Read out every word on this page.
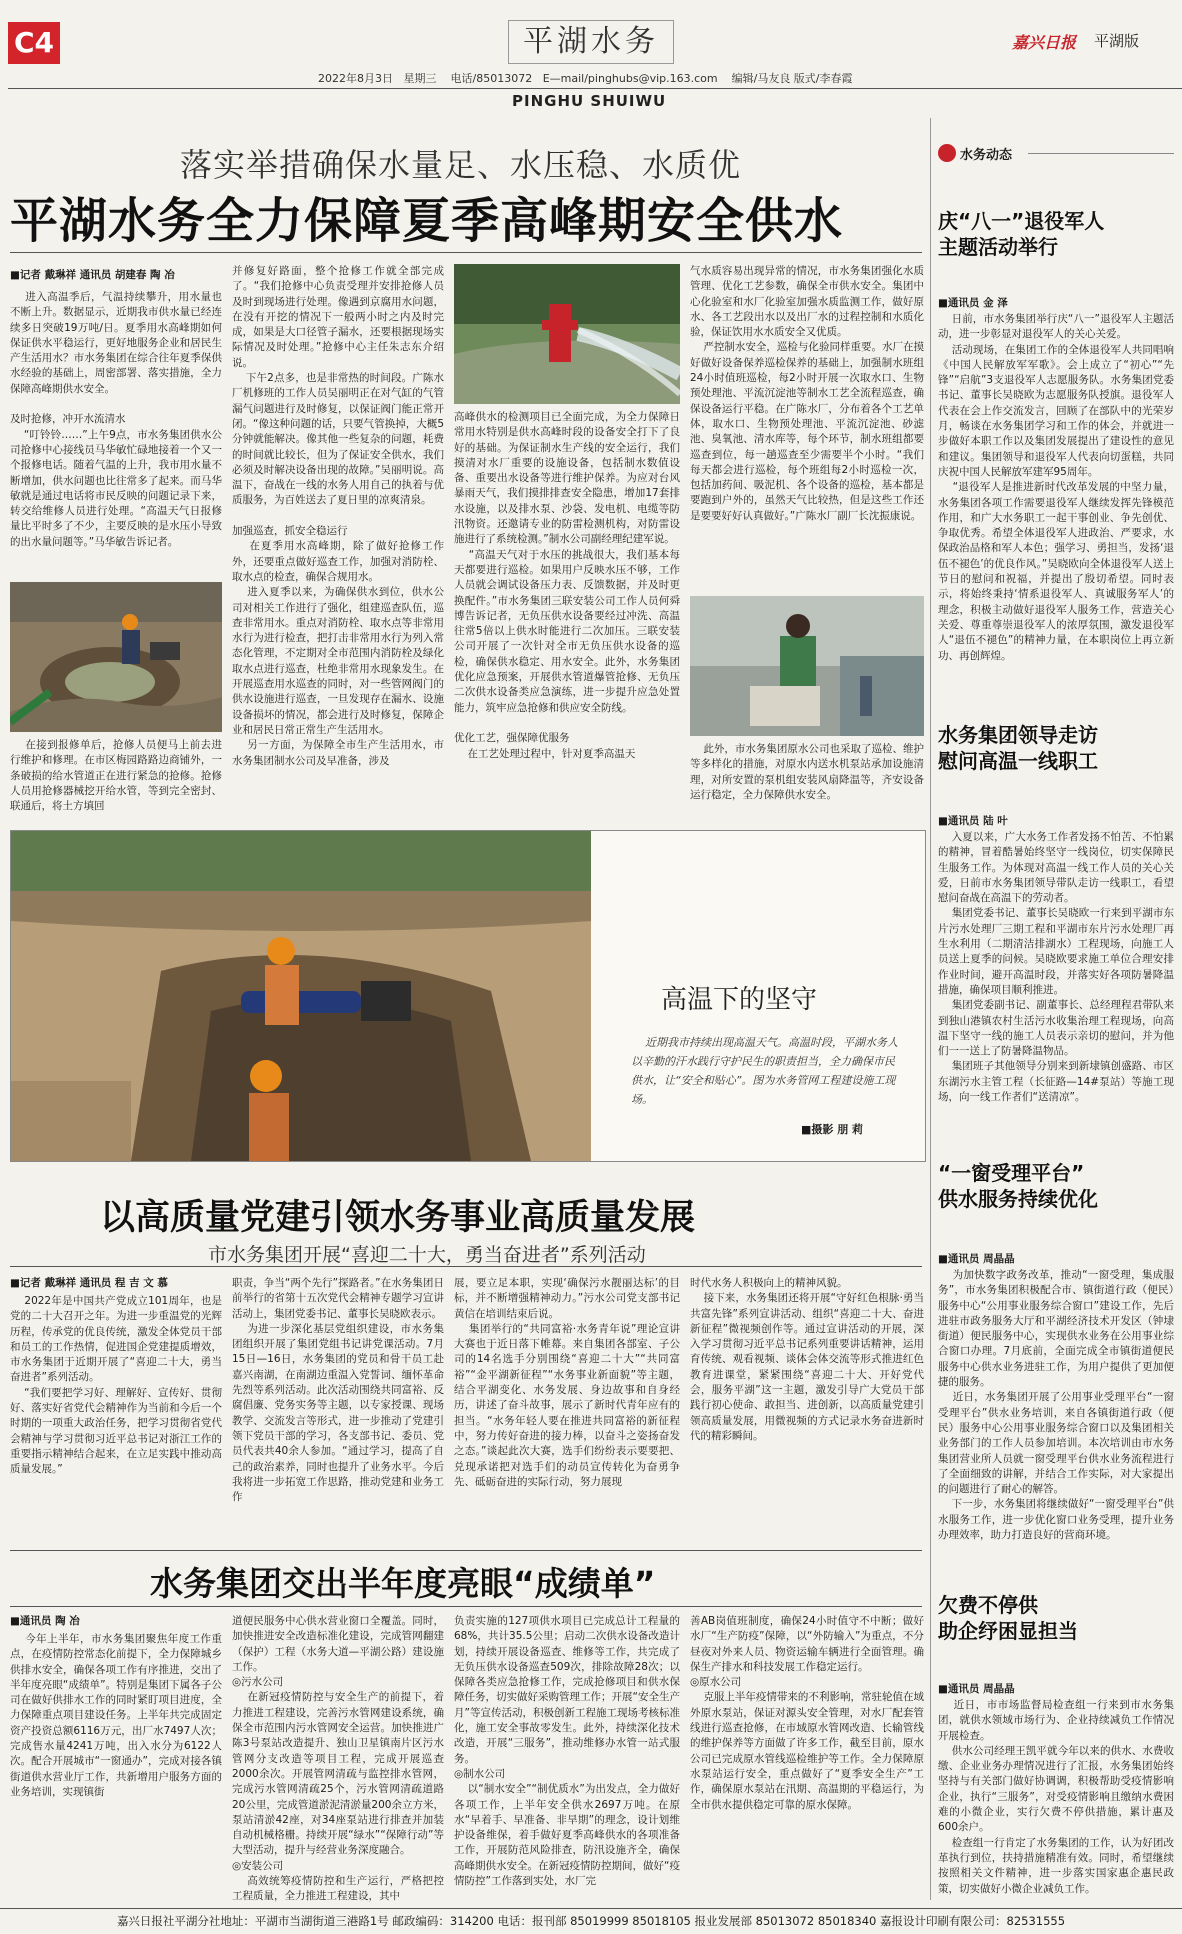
C4	平湖水务	嘉兴日报 平湖版
2022年8月3日 星期三 电话/85013072 E—mail/pinghubs@vip.163.com 编辑/马友良 版式/李春霞
PINGHU SHUIWU
落实举措确保水量足、水压稳、水质优
平湖水务全力保障夏季高峰期安全供水
■记者 戴琳祥 通讯员 胡建春 陶 冶
进入高温季后，气温持续攀升，用水量也不断上升。数据显示，近期我市供水量已经连续多日突破19万吨/日。夏季用水高峰期如何保证供水平稳运行，更好地服务企业和居民生产生活用水？市水务集团在综合往年夏季保供水经验的基础上，周密部署、落实措施，全力保障高峰期供水安全。

及时抢修，冲开水流清水
“叮铃铃……”上午9点，市水务集团供水公司抢修中心接线员马华敏忙碌地接着一个又一个报修电话。随着气温的上升，我市用水量不断增加，供水问题也比往常多了起来。而马华敏就是通过电话将市民反映的问题记录下来，转交给维修人员进行处理。“高温天气日报修量比平时多了不少，主要反映的是水压小导致的出水量问题等。”马华敏告诉记者。
在接到报修单后，抢修人员便马上前去进行维护和修理。在市区梅园路路边商铺外，一条破损的给水管道正在进行紧急的抢修。抢修人员用抢修器械挖开给水管，等到完全密封、联通后，将土方填回
并修复好路面，整个抢修工作就全部完成了。“我们抢修中心负责受理并安排抢修人员及时到现场进行处理。像遇到京腐用水问题，在没有开挖的情况下一般两小时之内及时完成，如果是大口径管子漏水，还要根据现场实际情况及时处理。”抢修中心主任朱志东介绍说。
下午2点多，也是非常热的时间段。广陈水厂机修班的工作人员吴丽明正在对气缸的气管漏气问题进行及时修复，以保证阀门能正常开闭。“像这种问题的话，只要气管换掉，大概5分钟就能解决。像其他一些复杂的问题，耗费的时间就比较长，但为了保证安全供水，我们必须及时解决设备出现的故障。”吴丽明说。高温下，奋战在一线的水务人用自己的执着与优质服务，为百姓送去了夏日里的凉爽清泉。

加强巡查，抓安全稳运行
在夏季用水高峰期，除了做好抢修工作外，还要重点做好巡查工作，加强对消防栓、取水点的检查，确保合规用水。
进入夏季以来，为确保供水到位，供水公司对相关工作进行了强化，组建巡查队伍，巡查非常用水。重点对消防栓、取水点等非常用水行为进行检查，把打击非常用水行为列入常态化管理，不定期对全市范围内消防栓及绿化取水点进行巡查，杜绝非常用水现象发生。在开展巡查用水巡查的同时，对一些管网阀门的供水设施进行巡查，一旦发现存在漏水、设施设备损坏的情况，都会进行及时修复，保障企业和居民日常正常生产生活用水。
另一方面，为保障全市生产生活用水，市水务集团制水公司及早准备，涉及
高峰供水的检测项目已全面完成，为全力保障日常用水特别是供水高峰时段的设备安全打下了良好的基础。为保证制水生产线的安全运行，我们摸清对水厂重要的设施设备，包括制水数值设备、重要出水设备等进行维护保养。为应对台风暴雨天气，我们摸排排查安全隐患，增加17套排水设施，以及排水泵、沙袋、发电机、电缆等防汛物资。还邀请专业的防雷检测机构，对防雷设施进行了系统检测。”制水公司副经理纪建军说。
“高温天气对于水压的挑战很大，我们基本每天都要进行巡检。如果用户反映水压不够，工作人员就会调试设备压力表、反馈数据，并及时更换配件。”市水务集团三联安装公司工作人员何舜博告诉记者，无负压供水设备要经过冲洗、高温往常5倍以上供水时能进行二次加压。三联安装公司开展了一次针对全市无负压供水设备的巡检，确保供水稳定、用水安全。此外，水务集团优化应急预案，开展供水管道爆管抢修、无负压二次供水设备类应急演练，进一步提升应急处置能力，筑牢应急抢修和供应安全防线。

优化工艺，强保障优服务
在工艺处理过程中，针对夏季高温天
气水质容易出现异常的情况，市水务集团强化水质管理、优化工艺参数，确保全市供水安全。集团中心化验室和水厂化验室加强水质监测工作，做好原水、各工艺段出水以及出厂水的过程控制和水质化验，保证饮用水水质安全又优质。
严控制水安全，巡检与化验同样重要。水厂在摸好做好设备保养巡检保养的基础上，加强制水班组24小时值班巡检，每2小时开展一次取水口、生物预处理池、平流沉淀池等制水工艺全流程巡查，确保设备运行平稳。在广陈水厂，分布着各个工艺单体，取水口、生物预处理池、平流沉淀池、砂滤池、臭氧池、清水库等，每个环节，制水班组都要巡查到位，每一趟巡查至少需要半个小时。“我们每天都会进行巡检，每个班组每2小时巡检一次，包括加药间、吸泥机、各个设备的巡检，基本都是要跑到户外的，虽然天气比较热，但是这些工作还是要要好好认真做好。”广陈水厂副厂长沈振康说。
此外，市水务集团原水公司也采取了巡检、维护等多样化的措施，对原水内送水机泵站承加设施清理，对所安置的泵机组安装风扇降温等，齐安设备运行稳定，全力保障供水安全。
高温下的坚守
近期我市持续出现高温天气。高温时段，平湖水务人以辛勤的汗水践行守护民生的职责担当，全力确保市民供水，让“安全和贴心”。图为水务管网工程建设施工现场。
■摄影 朋 莉
以高质量党建引领水务事业高质量发展
市水务集团开展“喜迎二十大，勇当奋进者”系列活动
■记者 戴琳祥 通讯员 程 吉 文 慕
2022年是中国共产党成立101周年，也是党的二十大召开之年。为进一步重温党的光辉历程，传承党的优良传统，激发全体党员干部和员工的工作热情，促进国企党建提质增效，市水务集团于近期开展了“喜迎二十大，勇当奋进者”系列活动。
“我们要把学习好、理解好、宣传好、贯彻好、落实好省党代会精神作为当前和今后一个时期的一项重大政治任务，把学习贯彻省党代会精神与学习贯彻习近平总书记对浙江工作的重要指示精神结合起来，在立足实践中推动高质量发展。”
职责，争当“两个先行”探路者。”在水务集团日前举行的省第十五次党代会精神专题学习宣讲活动上，集团党委书记、董事长吴晓欧表示。
为进一步深化基层党组织建设，市水务集团组织开展了集团党组书记讲党课活动。7月15日—16日，水务集团的党员和骨干员工赴嘉兴南湖，在南湖边重温入党誓词、缅怀革命先烈等系列活动。此次活动围绕共同富裕、反腐倡廉、党务实务等主题，以专家授课、现场教学、交流发言等形式，进一步推动了党建引领下党员干部的学习，各支部书记、委员、党员代表共40余人参加。“通过学习，提高了自己的政治素养，同时也提升了业务水平。今后我将进一步拓宽工作思路，推动党建和业务工作
展，要立足本职，实现‘确保污水靓丽达标’的目标，并不断增强精神动力。”污水公司党支部书记黄信在培训结束后说。
集团举行的“共同富裕·水务青年说”理论宣讲大赛也于近日落下帷幕。来自集团各部室、子公司的14名选手分别围绕“喜迎二十大”“共同富裕”“金平湖新征程”“水务事业新面貌”等主题，结合平湖变化、水务发展、身边故事和自身经历，讲述了奋斗故事，展示了新时代青年应有的担当。“水务年轻人要在推进共同富裕的新征程中，努力传好奋进的接力棒，以奋斗之姿扬奋发之态。”谈起此次大赛，选手们纷纷表示要要把、兑现承诺把对选手们的动员宣传转化为奋勇争先、砥砺奋进的实际行动，努力展现
时代水务人积极向上的精神风貌。
接下来，水务集团还将开展“守好红色根脉·勇当共富先锋”系列宣讲活动、组织“喜迎二十大、奋进新征程”微视频创作等。通过宣讲活动的开展，深入学习贯彻习近平总书记系列重要讲话精神，运用育传统、观看视频、谈体会体交流等形式推进红色教育进课堂，紧紧围绕“喜迎二十大、开好党代会，服务平湖”这一主题，激发引导广大党员干部践行初心使命、敢担当、进创新，以高质量党建引领高质量发展，用微视频的方式记录水务奋进新时代的精彩瞬间。
水务集团交出半年度亮眼“成绩单”
■通讯员 陶 冶
今年上半年，市水务集团聚焦年度工作重点，在疫情防控常态化前提下，全力保障城乡供排水安全，确保各项工作有序推进，交出了半年度亮眼“成绩单”。特别是集团下属各子公司在做好供排水工作的同时紧盯项目进度，全力保障重点项目建设任务。上半年共完成固定资产投资总额6116万元，出厂水7497人次；完成售水量4241万吨，出入水分为6122人次。配合开展城市“一窗通办”，完成对接各镇街道供水营业厅工作，共新增用户服务方面的业务培训，实现镇街
道便民服务中心供水营业窗口全覆盖。同时，加快推进安全改造标准化建设，完成管网翻建（保护）工程（水务大道—平湖公路）建设施工作。
◎污水公司
在新冠疫情防控与安全生产的前提下，着力推进工程建设，完善污水管网建设系统，确保全市范围内污水管网安全运营。加快推进广陈3号泵站改造提升、独山卫星镇南片区污水管网分支改造等项目工程，完成开展巡查2000余次。开展管网清疏与监控排水管网，完成污水管网清疏25个，污水管网清疏道路20公里，完成管道淤泥清淤量200余立方米，泵站清淤42座，对34座泵站进行排查并加装自动机械格栅。持续开展“绿水”“保障行动”等大型活动，提升与经营业务深度融合。
◎安装公司
高效统筹疫情防控和生产运行，严格把控工程质量，全力推进工程建设，其中
负责实施的127项供水项目已完成总计工程量的68%，共计35.5公里；启动二次供水设备改造计划，持续开展设备巡查、维修等工作，共完成了无负压供水设备巡查509次，排除故障28次；以保障各类应急抢修工作，完成抢修项目和供水保障任务，切实做好采购管理工作；开展“安全生产月”等宣传活动，积极创新工程施工现场考核标准化，施工安全事故零发生。此外，持续深化技术改造，开展“三服务”，推动维修办水管一站式服务。
◎制水公司
以“制水安全”“制优质水”为出发点，全力做好各项工作，上半年安全供水2697万吨。在原水“早着手、早准备、非旱期”的理念，设计划维护设备维保，着手做好夏季高峰供水的各项准备工作，开展防范风险排查，防汛设施齐全，确保高峰期供水安全。在新冠疫情防控期间，做好“疫情防控”工作落到实处，水厂完
善AB岗值班制度，确保24小时值守不中断；做好水厂“生产防疫”保障，以“外防输入”为重点，不分昼夜对外来人员、物资运输车辆进行全面管理。确保生产排水和科技发展工作稳定运行。
◎原水公司
克服上半年疫情带来的不利影响，常驻轮值在域外原水泵站，保证对源头安全管理，对水厂配套管线进行巡查抢修，在市域原水管网改造、长输管线的维护保养等方面做了许多工作，截至目前，原水公司已完成原水管线巡检维护等工作。全力保障原水泵站运行安全，重点做好了“夏季安全生产”工作，确保原水泵站在汛期、高温期的平稳运行，为全市供水提供稳定可靠的原水保障。
水务动态
庆“八一”退役军人
主题活动举行
■通讯员 金 泽
日前，市水务集团举行庆“八一”退役军人主题活动，进一步彰显对退役军人的关心关爱。
活动现场，在集团工作的全体退役军人共同唱响《中国人民解放军军歌》。会上成立了“初心”“先锋”“启航”3支退役军人志愿服务队。水务集团党委书记、董事长吴晓欧为志愿服务队授旗。退役军人代表在会上作交流发言，回顾了在部队中的光荣岁月，畅谈在水务集团学习和工作的体会，并就进一步做好本职工作以及集团发展提出了建设性的意见和建议。集团领导和退役军人代表向切蛋糕，共同庆祝中国人民解放军建军95周年。
“退役军人是推进新时代改革发展的中坚力量，水务集团各项工作需要退役军人继续发挥先锋模范作用，和广大水务职工一起干事创业、争先创优、争取优秀。希望全体退役军人进政治、严要求，水保政治品格和军人本色；强学习、勇担当，发扬‘退伍不褪色’的优良作风。”吴晓欧向全体退役军人送上节日的慰问和祝福，并提出了殷切希望。同时表示，将始终秉持‘情系退役军人、真诚服务军人’的理念，积极主动做好退役军人服务工作，营造关心关爱、尊重尊崇退役军人的浓厚氛围，激发退役军人“退伍不褪色”的精神力量，在本职岗位上再立新功、再创辉煌。
水务集团领导走访
慰问高温一线职工
■通讯员 陆 叶
入夏以来，广大水务工作者发扬不怕苦、不怕累的精神，冒着酷暑始终坚守一线岗位，切实保障民生服务工作。为体现对高温一线工作人员的关心关爱，日前市水务集团领导带队走访一线职工，看望慰问奋战在高温下的劳动者。
集团党委书记、董事长吴晓欧一行来到平湖市东片污水处理厂三期工程和平湖市东片污水处理厂再生水利用（二期清洁排湖水）工程现场，向施工人员送上夏季的问候。吴晓欧要求施工单位合理安排作业时间，避开高温时段，并落实好各项防暑降温措施，确保项目顺利推进。
集团党委副书记、副董事长、总经理程君带队来到独山港镇农村生活污水收集治理工程现场，向高温下坚守一线的施工人员表示亲切的慰问，并为他们一一送上了防暑降温物品。
集团班子其他领导分别来到新埭镇创盛路、市区东湖污水主管工程（长征路—14#泵站）等施工现场，向一线工作者们“送清凉”。
“一窗受理平台”
供水服务持续优化
■通讯员 周晶晶
为加快数字政务改革，推动“一窗受理，集成服务”，市水务集团积极配合市、镇街道行政（便民）服务中心“公用事业服务综合窗口”建设工作，先后进驻市政务服务大厅和平湖经济技术开发区（钟埭街道）便民服务中心，实现供水业务在公用事业综合窗口办理。7月底前，全面完成全市镇街道便民服务中心供水业务进驻工作，为用户提供了更加便捷的服务。
近日，水务集团开展了公用事业受理平台“一窗受理平台”供水业务培训，来自各镇街道行政（便民）服务中心公用事业服务综合窗口以及集团相关业务部门的工作人员参加培训。本次培训由市水务集团营业所人员就一窗受理平台供水业务流程进行了全面细致的讲解，并结合工作实际，对大家提出的问题进行了耐心的解答。
下一步，水务集团将继续做好“一窗受理平台”供水服务工作，进一步优化窗口业务受理，提升业务办理效率，助力打造良好的营商环境。
欠费不停供
助企纾困显担当
■通讯员 周晶晶
近日，市市场监督局检查组一行来到市水务集团，就供水领域市场行为、企业持续减负工作情况开展检查。
供水公司经理王凯平就今年以来的供水、水费收缴、企业业务办理情况进行了汇报，水务集团始终坚持与有关部门做好协调调，积极帮助受疫情影响企业，执行“三服务”，对受疫情影响且缴纳水费困难的小微企业，实行欠费不停供措施，累计惠及600余户。
检查组一行肯定了水务集团的工作，认为好团改革执行到位，扶持措施精准有效。同时，希望继续按照相关文件精神，进一步落实国家惠企惠民政策，切实做好小微企业减负工作。
嘉兴日报社平湖分社地址：平湖市当湖街道三港路1号 邮政编码：314200 电话：报刊部 85019999 85018105 报业发展部 85013072 85018340 嘉报设计印刷有限公司：82531555
